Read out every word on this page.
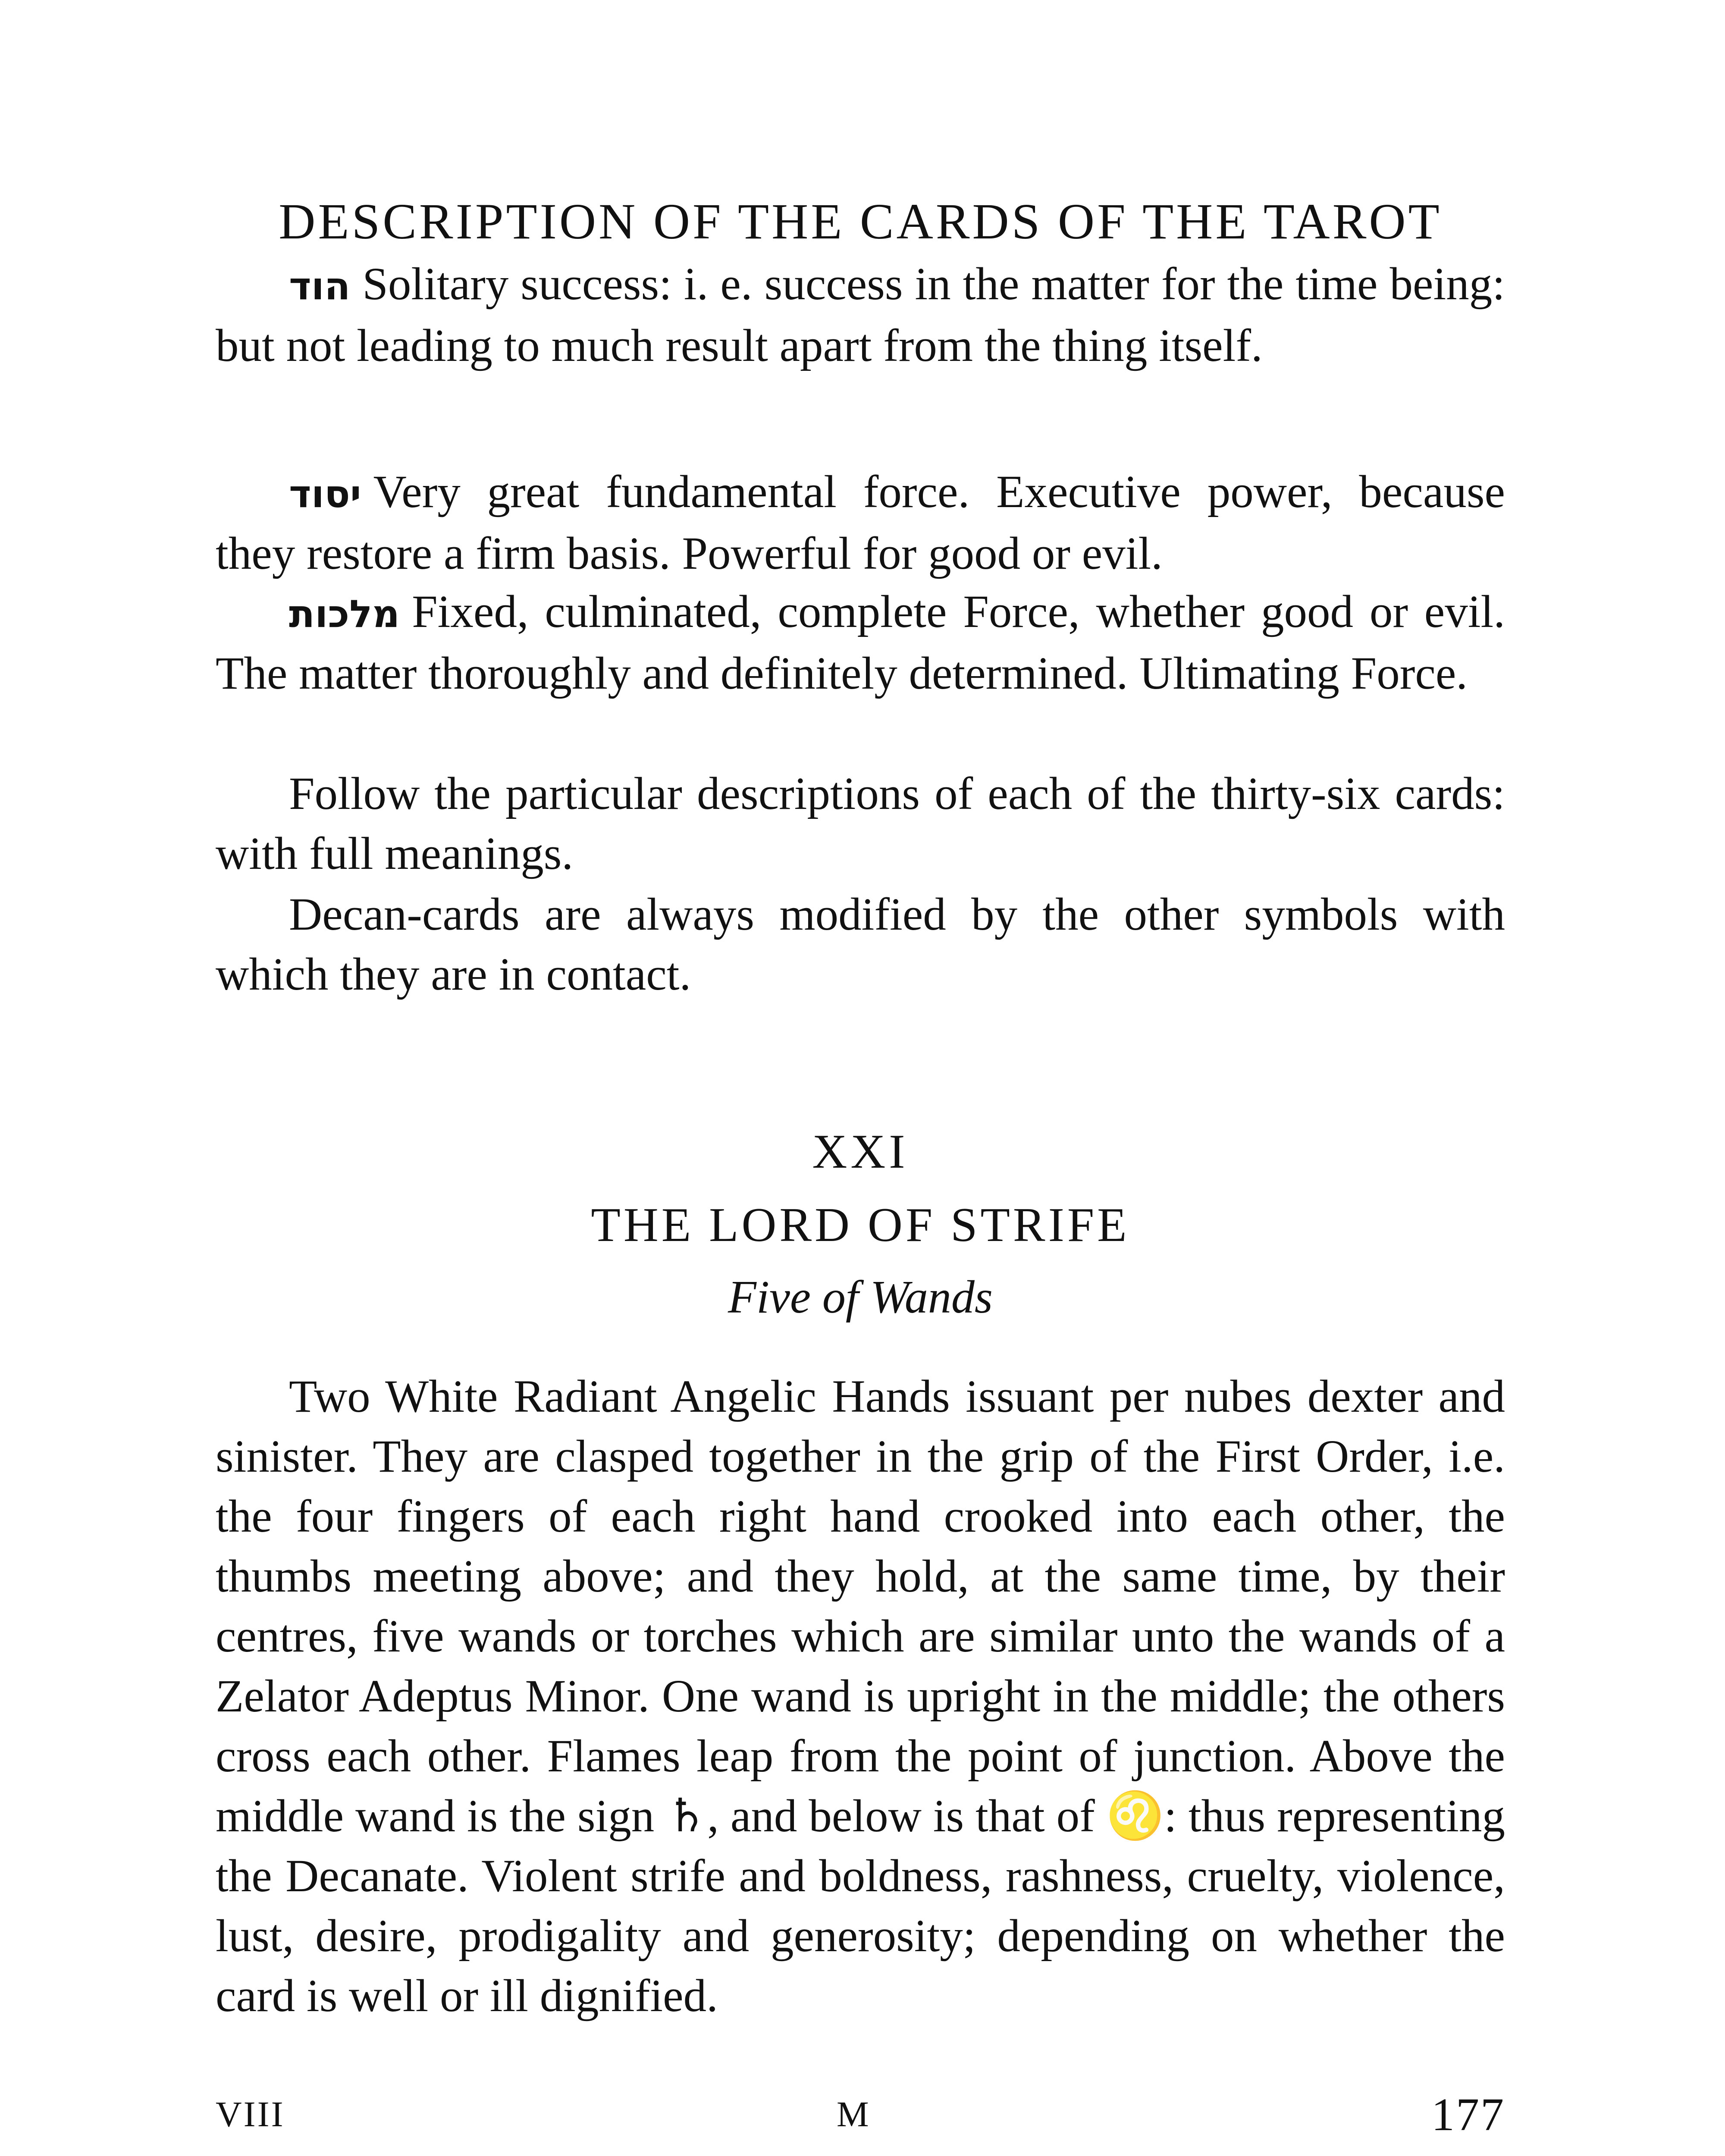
DESCRIPTION OF THE CARDS OF THE TAROT

הוד Solitary success: i. e. success in the matter for the time being: but not leading to much result apart from the thing itself.

יסוד Very great fundamental force. Executive power, because they restore a firm basis. Powerful for good or evil.

מלכות Fixed, culminated, complete Force, whether good or evil. The matter thoroughly and definitely determined. Ultimating Force.

Follow the particular descriptions of each of the thirty-six cards: with full meanings.

Decan-cards are always modified by the other symbols with which they are in contact.

XXI
THE LORD OF STRIFE
Five of Wands

Two White Radiant Angelic Hands issuant per nubes dexter and sinister. They are clasped together in the grip of the First Order, i.e. the four fingers of each right hand crooked into each other, the thumbs meeting above; and they hold, at the same time, by their centres, five wands or torches which are similar unto the wands of a Zelator Adeptus Minor. One wand is upright in the middle; the others cross each other. Flames leap from the point of junction. Above the middle wand is the sign ♄, and below is that of ♌: thus representing the Decanate. Violent strife and boldness, rashness, cruelty, violence, lust, desire, prodigality and generosity; depending on whether the card is well or ill dignified.

VIII	M	177
